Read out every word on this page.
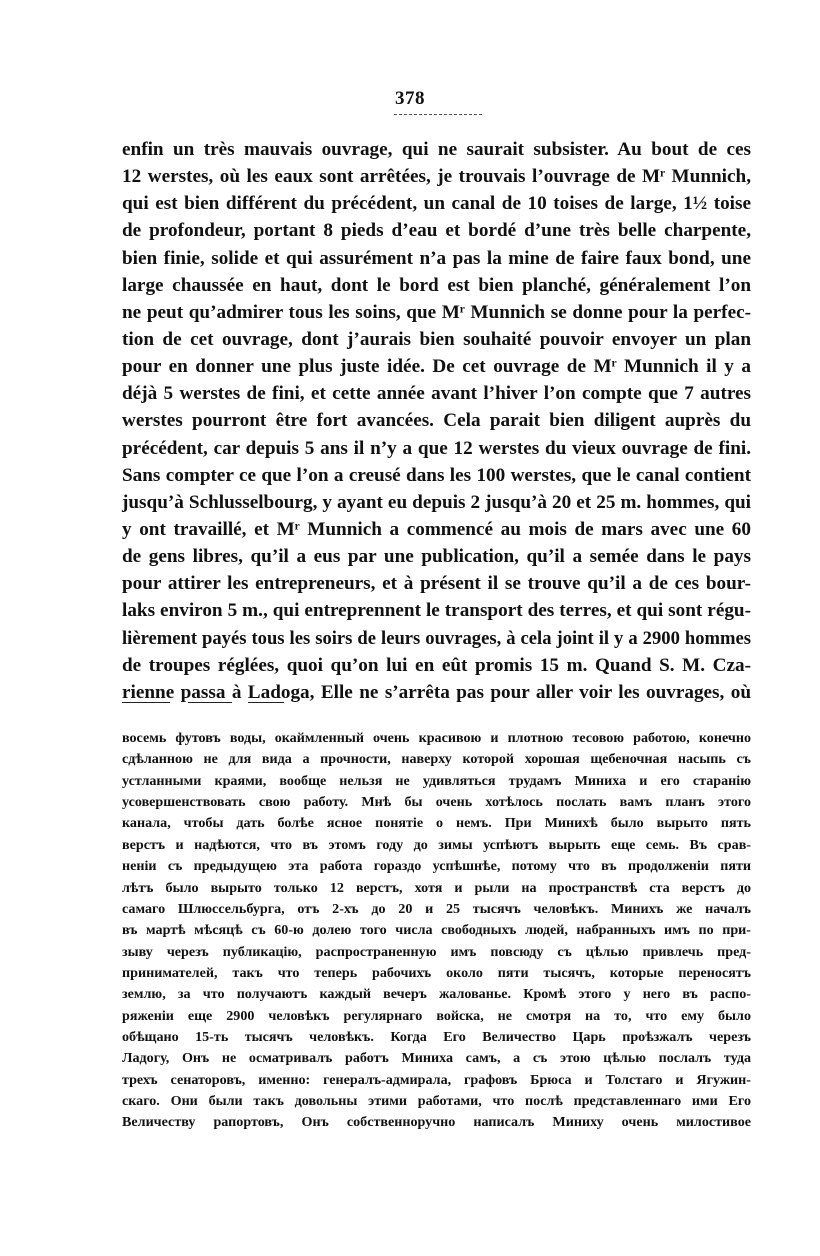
378
enfin un très mauvais ouvrage, qui ne saurait subsister. Au bout de ces
12 werstes, où les eaux sont arrêtées, je trouvais l’ouvrage de Mʳ Munnich,
qui est bien différent du précédent, un canal de 10 toises de large, 1½ toise
de profondeur, portant 8 pieds d’eau et bordé d’une très belle charpente,
bien finie, solide et qui assurément n’a pas la mine de faire faux bond, une
large chaussée en haut, dont le bord est bien planché, généralement l’on
ne peut qu’admirer tous les soins, que Mʳ Munnich se donne pour la perfec-
tion de cet ouvrage, dont j’aurais bien souhaité pouvoir envoyer un plan
pour en donner une plus juste idée. De cet ouvrage de Mʳ Munnich il y a
déjà 5 werstes de fini, et cette année avant l’hiver l’on compte que 7 autres
werstes pourront être fort avancées. Cela parait bien diligent auprès du
précédent, car depuis 5 ans il n’y a que 12 werstes du vieux ouvrage de fini.
Sans compter ce que l’on a creusé dans les 100 werstes, que le canal contient
jusqu’à Schlusselbourg, y ayant eu depuis 2 jusqu’à 20 et 25 m. hommes, qui
y ont travaillé, et Mʳ Munnich a commencé au mois de mars avec une 60
de gens libres, qu’il a eus par une publication, qu’il a semée dans le pays
pour attirer les entrepreneurs, et à présent il se trouve qu’il a de ces bour-
laks environ 5 m., qui entreprennent le transport des terres, et qui sont régu-
lièrement payés tous les soirs de leurs ouvrages, à cela joint il y a 2900 hommes
de troupes réglées, quoi qu’on lui en eût promis 15 m. Quand S. M. Cza-
rienne passa à Ladoga, Elle ne s’arrêta pas pour aller voir les ouvrages, où
восемь футовъ воды, окаймленный очень красивою и плотною тесовою работою, конечно
сдѣланною не для вида а прочности, наверху которой хорошая щебеночная насыпь съ
устланными краями, вообще нельзя не удивляться трудамъ Миниха и его старанію
усовершенствовать свою работу. Мнѣ бы очень хотѣлось послать вамъ планъ этого
канала, чтобы дать болѣе ясное понятіе о немъ. При Минихѣ было вырыто пять
верстъ и надѣются, что въ этомъ году до зимы успѣютъ вырыть еще семь. Въ срав-
неніи съ предыдущею эта работа гораздо успѣшнѣе, потому что въ продолженіи пяти
лѣтъ было вырыто только 12 верстъ, хотя и рыли на пространствѣ ста верстъ до
самаго Шлюссельбурга, отъ 2-хъ до 20 и 25 тысячъ человѣкъ. Минихъ же началъ
въ мартѣ мѣсяцѣ съ 60-ю долею того числа свободныхъ людей, набранныхъ имъ по при-
зыву черезъ публикацію, распространенную имъ повсюду съ цѣлью привлечь пред-
принимателей, такъ что теперь рабочихъ около пяти тысячъ, которые переносятъ
землю, за что получаютъ каждый вечеръ жалованье. Кромѣ этого у него въ распо-
ряженіи еще 2900 человѣкъ регулярнаго войска, не смотря на то, что ему было
обѣщано 15-ть тысячъ человѣкъ. Когда Его Величество Царь проѣзжалъ черезъ
Ладогу, Онъ не осматривалъ работъ Миниха самъ, а съ этою цѣлью послалъ туда
трехъ сенаторовъ, именно: генералъ-адмирала, графовъ Брюса и Толстаго и Ягужин-
скаго. Они были такъ довольны этими работами, что послѣ представленнаго ими Его
Величеству рапортовъ, Онъ собственноручно написалъ Миниху очень милостивое
